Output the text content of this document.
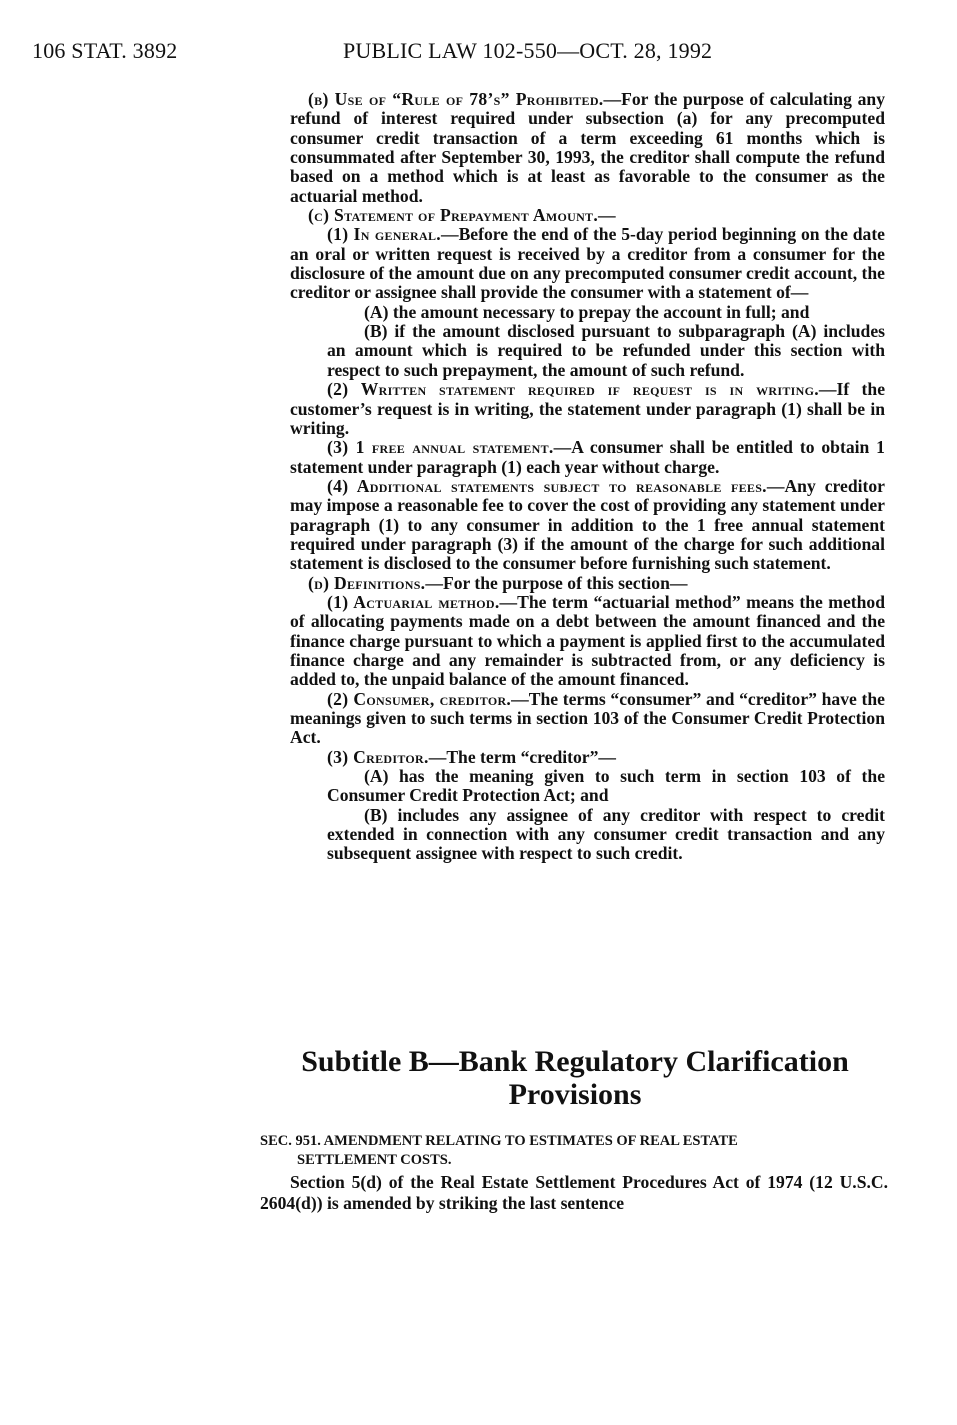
106 STAT. 3892	PUBLIC LAW 102-550—OCT. 28, 1992

(b) Use of “Rule of 78’s” Prohibited.—For the purpose of calculating any refund of interest required under subsection (a) for any precomputed consumer credit transaction of a term exceeding 61 months which is consummated after September 30, 1993, the creditor shall compute the refund based on a method which is at least as favorable to the consumer as the actuarial method.

(c) Statement of Prepayment Amount.—

(1) In general.—Before the end of the 5-day period beginning on the date an oral or written request is received by a creditor from a consumer for the disclosure of the amount due on any precomputed consumer credit account, the creditor or assignee shall provide the consumer with a statement of—

(A) the amount necessary to prepay the account in full; and

(B) if the amount disclosed pursuant to subparagraph (A) includes an amount which is required to be refunded under this section with respect to such prepayment, the amount of such refund.

(2) Written statement required if request is in writing.—If the customer’s request is in writing, the statement under paragraph (1) shall be in writing.

(3) 1 free annual statement.—A consumer shall be entitled to obtain 1 statement under paragraph (1) each year without charge.

(4) Additional statements subject to reasonable fees.—Any creditor may impose a reasonable fee to cover the cost of providing any statement under paragraph (1) to any consumer in addition to the 1 free annual statement required under paragraph (3) if the amount of the charge for such additional statement is disclosed to the consumer before furnishing such statement.

(d) Definitions.—For the purpose of this section—

(1) Actuarial method.—The term “actuarial method” means the method of allocating payments made on a debt between the amount financed and the finance charge pursuant to which a payment is applied first to the accumulated finance charge and any remainder is subtracted from, or any deficiency is added to, the unpaid balance of the amount financed.

(2) Consumer, creditor.—The terms “consumer” and “creditor” have the meanings given to such terms in section 103 of the Consumer Credit Protection Act.

(3) Creditor.—The term “creditor”—

(A) has the meaning given to such term in section 103 of the Consumer Credit Protection Act; and

(B) includes any assignee of any creditor with respect to credit extended in connection with any consumer credit transaction and any subsequent assignee with respect to such credit.

Subtitle B—Bank Regulatory Clarification
Provisions
SEC. 951. AMENDMENT RELATING TO ESTIMATES OF REAL ESTATE
SETTLEMENT COSTS.

Section 5(d) of the Real Estate Settlement Procedures Act of 1974 (12 U.S.C. 2604(d)) is amended by striking the last sentence
